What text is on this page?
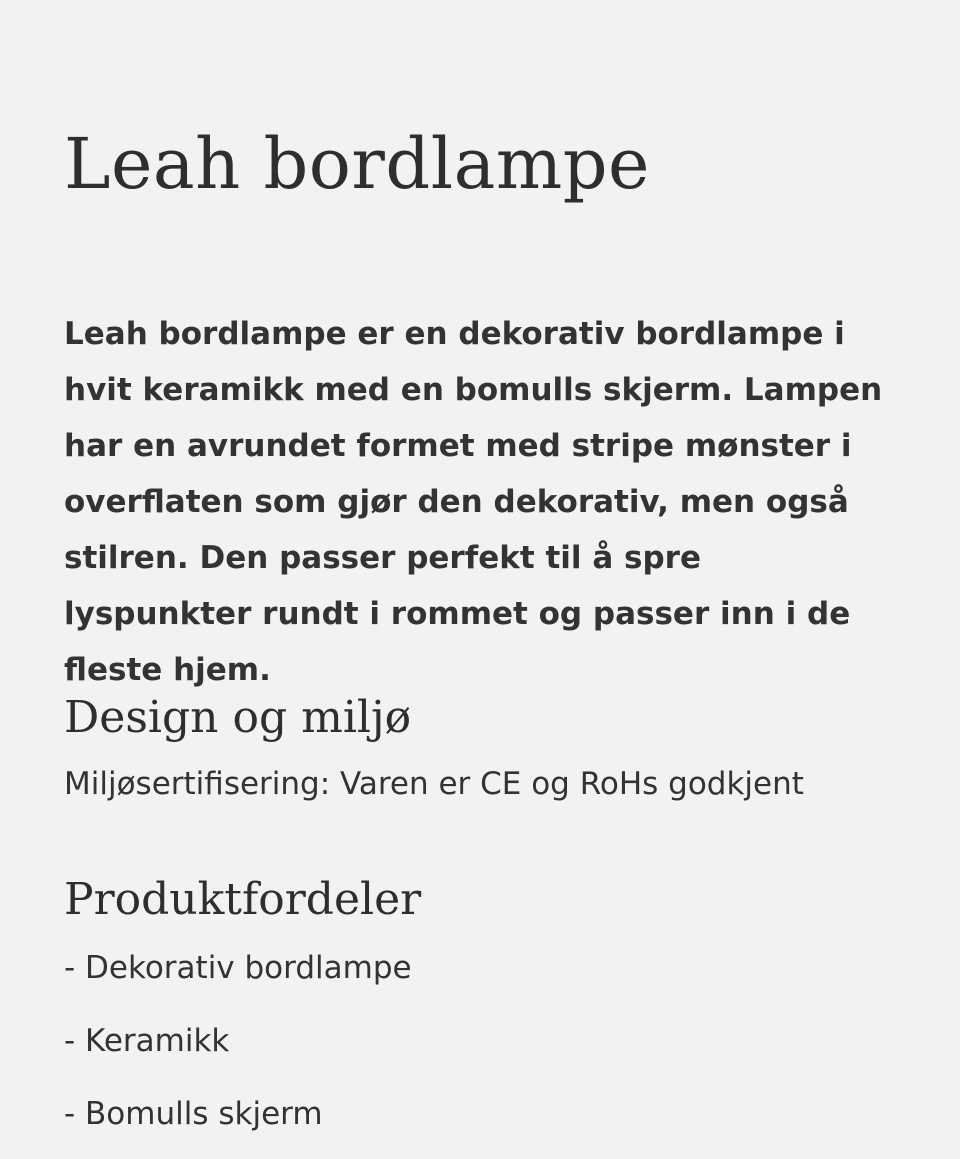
Leah bordlampe

Leah bordlampe er en dekorativ bordlampe i hvit keramikk med en bomulls skjerm. Lampen har en avrundet formet med stripe mønster i overflaten som gjør den dekorativ, men også stilren. Den passer perfekt til å spre lyspunkter rundt i rommet og passer inn i de fleste hjem.

Design og miljø

Miljøsertifisering: Varen er CE og RoHs godkjent

Produktfordeler
- Dekorativ bordlampe
- Keramikk
- Bomulls skjerm
